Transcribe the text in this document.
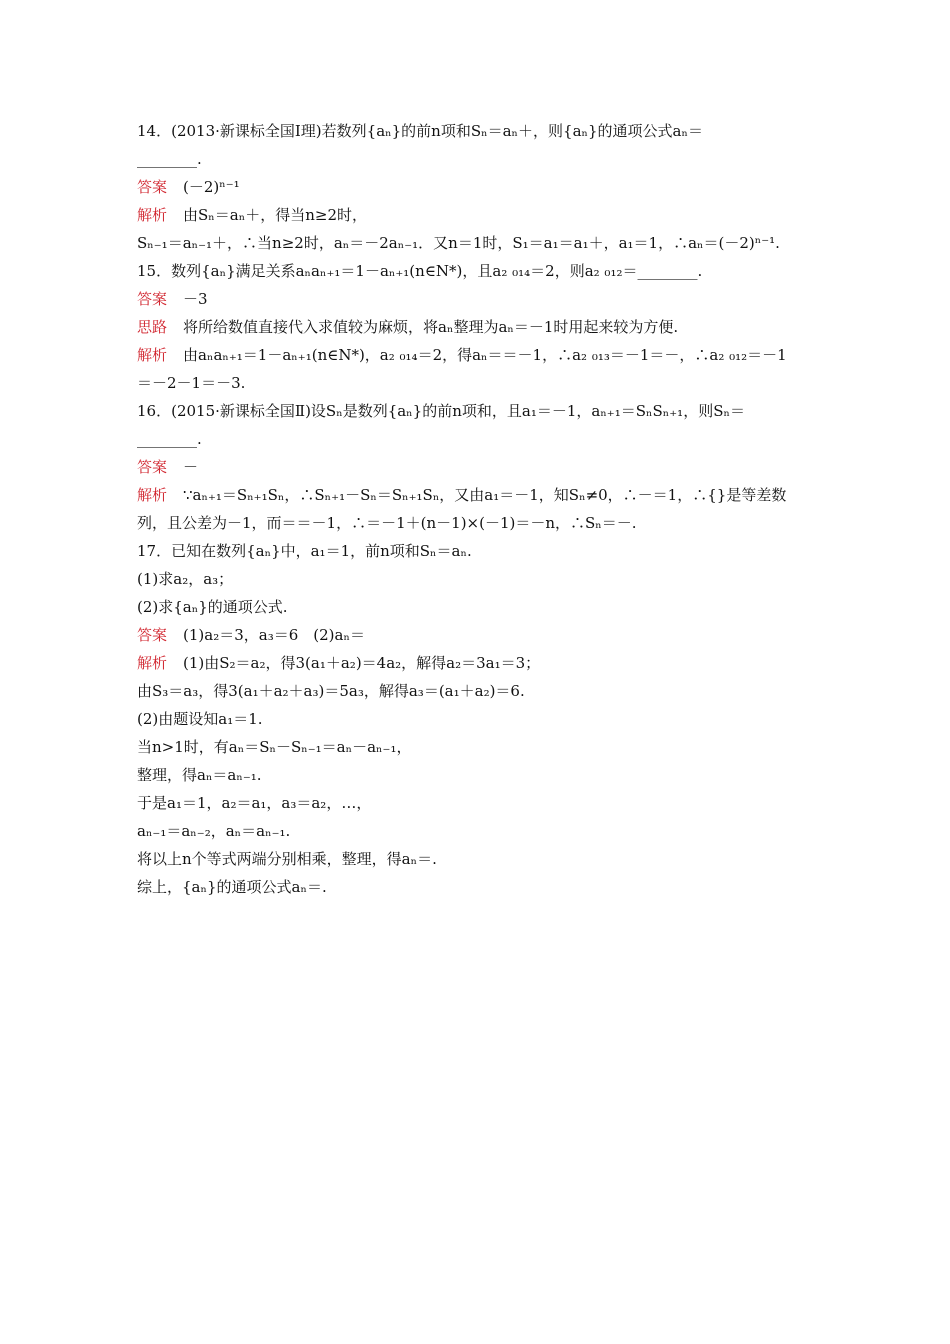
14．(2013·新课标全国Ⅰ理)若数列{aₙ}的前n项和Sₙ＝aₙ＋，则{aₙ}的通项公式aₙ＝
________.
答案 (－2)ⁿ⁻¹
解析 由Sₙ＝aₙ＋，得当n≥2时，
Sₙ₋₁＝aₙ₋₁＋，∴当n≥2时，aₙ＝－2aₙ₋₁．又n＝1时，S₁＝a₁＝a₁＋，a₁＝1，∴aₙ＝(－2)ⁿ⁻¹.
15．数列{aₙ}满足关系aₙaₙ₊₁＝1－aₙ₊₁(n∈N*)，且a₂ ₀₁₄＝2，则a₂ ₀₁₂＝________.
答案 －3
思路 将所给数值直接代入求值较为麻烦，将aₙ整理为aₙ＝－1时用起来较为方便.
解析 由aₙaₙ₊₁＝1－aₙ₊₁(n∈N*)，a₂ ₀₁₄＝2，得aₙ＝＝－1，∴a₂ ₀₁₃＝－1＝－，∴a₂ ₀₁₂＝－1
＝－2－1＝－3.
16．(2015·新课标全国Ⅱ)设Sₙ是数列{aₙ}的前n项和，且a₁＝－1，aₙ₊₁＝SₙSₙ₊₁，则Sₙ＝
________.
答案 －
解析 ∵aₙ₊₁＝Sₙ₊₁Sₙ，∴Sₙ₊₁－Sₙ＝Sₙ₊₁Sₙ，又由a₁＝－1，知Sₙ≠0，∴－＝1，∴{}是等差数
列，且公差为－1，而＝＝－1，∴＝－1＋(n－1)×(－1)＝－n，∴Sₙ＝－.
17．已知在数列{aₙ}中，a₁＝1，前n项和Sₙ＝aₙ.
(1)求a₂，a₃；
(2)求{aₙ}的通项公式.
答案 (1)a₂＝3，a₃＝6　(2)aₙ＝
解析 (1)由S₂＝a₂，得3(a₁＋a₂)＝4a₂，解得a₂＝3a₁＝3；
由S₃＝a₃，得3(a₁＋a₂＋a₃)＝5a₃，解得a₃＝(a₁＋a₂)＝6.
(2)由题设知a₁＝1.
当n>1时，有aₙ＝Sₙ－Sₙ₋₁＝aₙ－aₙ₋₁，
整理，得aₙ＝aₙ₋₁.
于是a₁＝1，a₂＝a₁，a₃＝a₂，…，
aₙ₋₁＝aₙ₋₂，aₙ＝aₙ₋₁.
将以上n个等式两端分别相乘，整理，得aₙ＝.
综上，{aₙ}的通项公式aₙ＝.
